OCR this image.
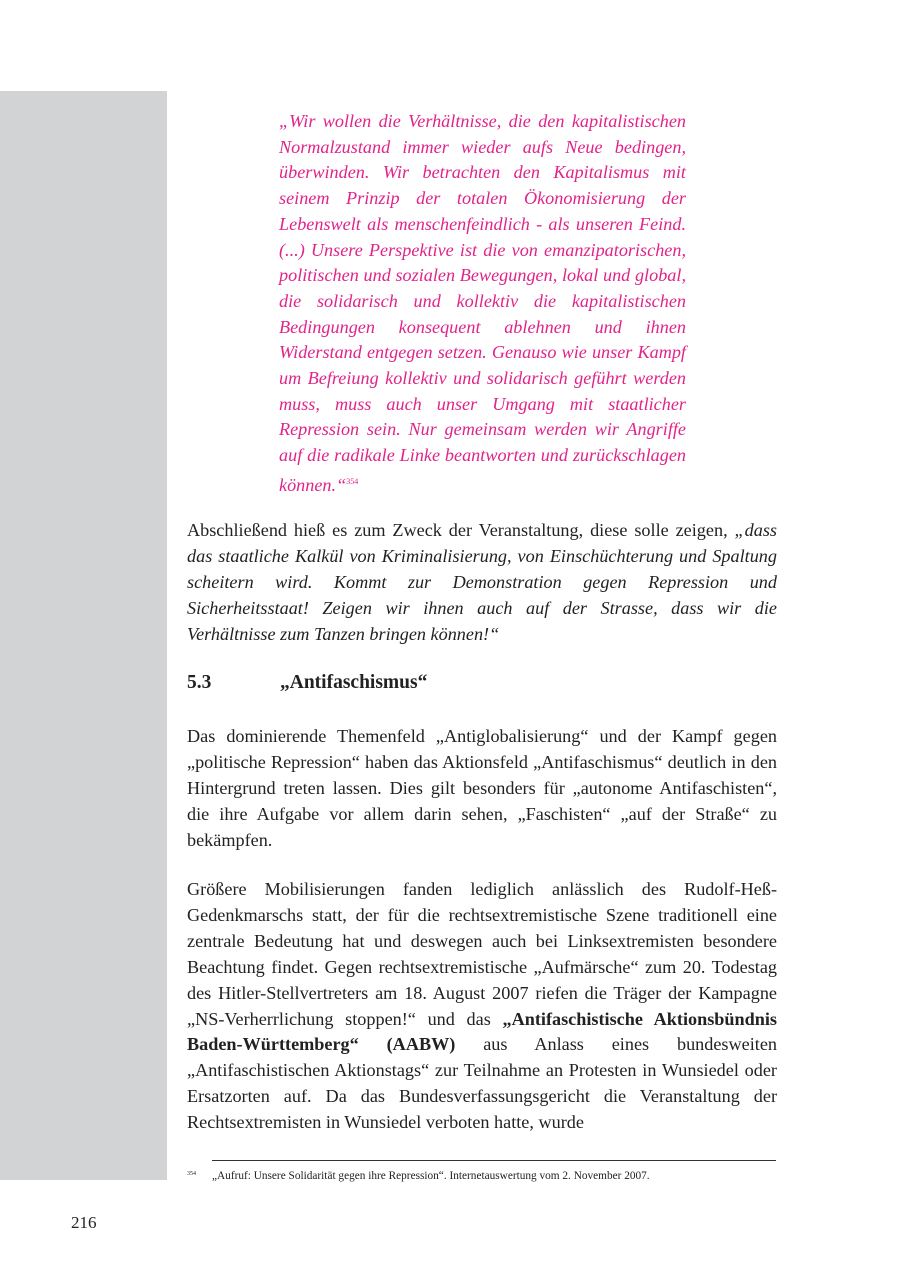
„Wir wollen die Verhältnisse, die den kapitalistischen Normalzustand immer wieder aufs Neue bedingen, überwinden. Wir betrachten den Kapitalismus mit seinem Prinzip der totalen Ökonomisierung der Lebenswelt als menschenfeindlich - als unseren Feind. (...) Unsere Perspektive ist die von emanzipatorischen, politischen und sozialen Bewegungen, lokal und global, die solidarisch und kollektiv die kapitalistischen Bedingungen konsequent ablehnen und ihnen Widerstand entgegen setzen. Genauso wie unser Kampf um Befreiung kollektiv und solidarisch geführt werden muss, muss auch unser Umgang mit staatlicher Repression sein. Nur gemeinsam werden wir Angriffe auf die radikale Linke beantworten und zurückschlagen können.“$^{354}$

Abschließend hieß es zum Zweck der Veranstaltung, diese solle zeigen, „dass das staatliche Kalkül von Kriminalisierung, von Einschüchterung und Spaltung scheitern wird. Kommt zur Demonstration gegen Repression und Sicherheitsstaat! Zeigen wir ihnen auch auf der Strasse, dass wir die Verhältnisse zum Tanzen bringen können!“

5.3	„Antifaschismus“

Das dominierende Themenfeld „Antiglobalisierung“ und der Kampf gegen „politische Repression“ haben das Aktionsfeld „Antifaschismus“ deutlich in den Hintergrund treten lassen. Dies gilt besonders für „autonome Antifaschisten“, die ihre Aufgabe vor allem darin sehen, „Faschisten“ „auf der Straße“ zu bekämpfen.

Größere Mobilisierungen fanden lediglich anlässlich des Rudolf-Heß-Gedenkmarschs statt, der für die rechtsextremistische Szene traditionell eine zentrale Bedeutung hat und deswegen auch bei Linksextremisten besondere Beachtung findet. Gegen rechtsextremistische „Aufmärsche“ zum 20. Todestag des Hitler-Stellvertreters am 18. August 2007 riefen die Träger der Kampagne „NS-Verherrlichung stoppen!“ und das „Antifaschistische Aktionsbündnis Baden-Württemberg“ (AABW) aus Anlass eines bundesweiten „Antifaschistischen Aktionstags“ zur Teilnahme an Protesten in Wunsiedel oder Ersatzorten auf. Da das Bundesverfassungsgericht die Veranstaltung der Rechtsextremisten in Wunsiedel verboten hatte, wurde

354 „Aufruf: Unsere Solidarität gegen ihre Repression“. Internetauswertung vom 2. November 2007.
216
